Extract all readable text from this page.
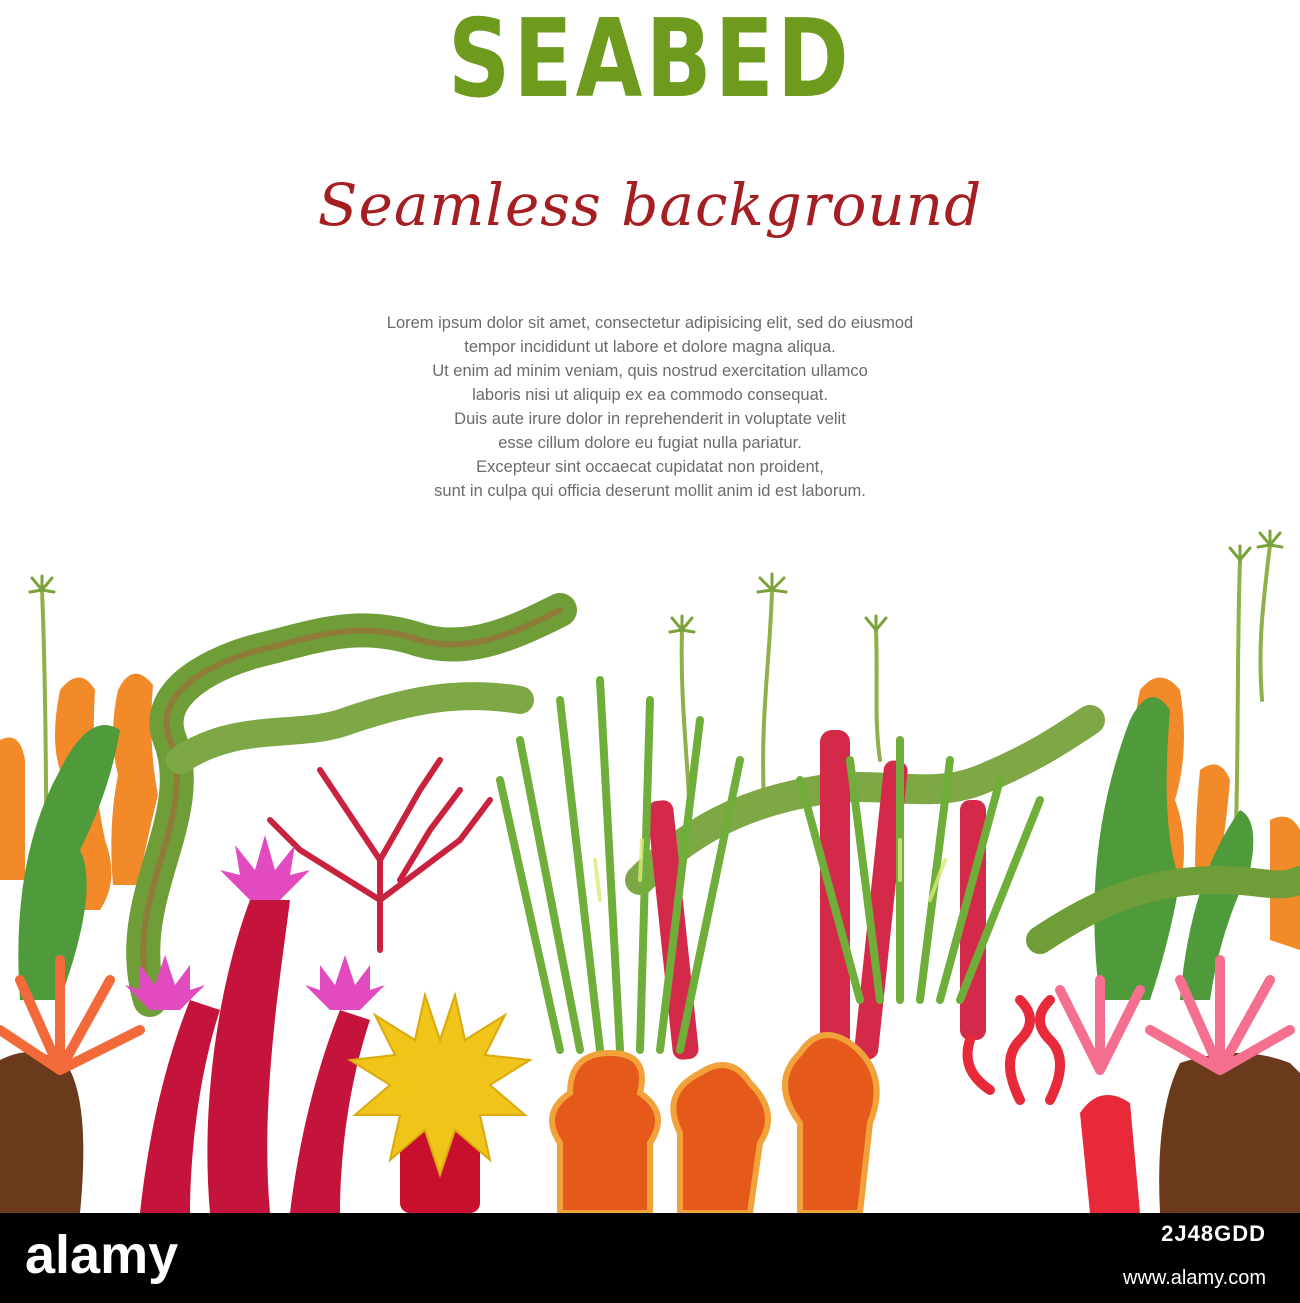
SEABED
Seamless background
Lorem ipsum dolor sit amet, consectetur adipisicing elit, sed do eiusmod
tempor incididunt ut labore et dolore magna aliqua.
Ut enim ad minim veniam, quis nostrud exercitation ullamco
laboris nisi ut aliquip ex ea commodo consequat.
Duis aute irure dolor in reprehenderit in voluptate velit
esse cillum dolore eu fugiat nulla pariatur.
Excepteur sint occaecat cupidatat non proident,
sunt in culpa qui officia deserunt mollit anim id est laborum.
alamy	2J48GDD
www.alamy.com
